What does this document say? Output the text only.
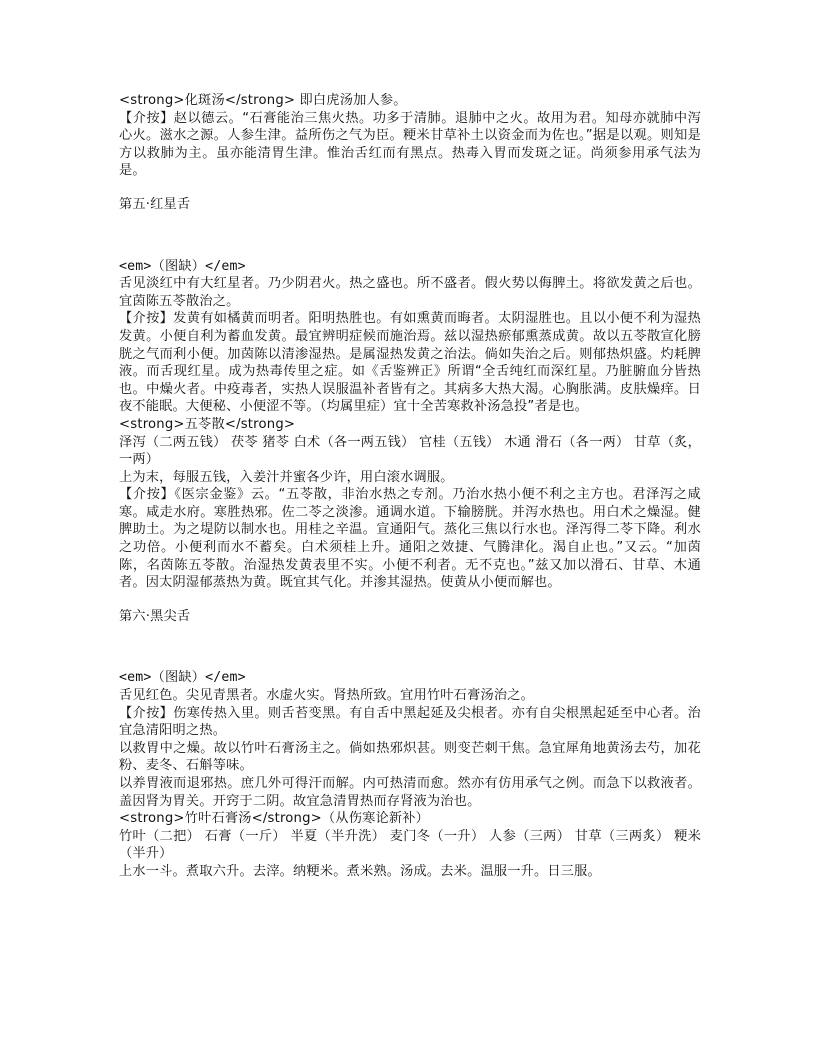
<strong>化斑汤</strong> 即白虎汤加人参。

【介按】赵以德云。“石膏能治三焦火热。功多于清肺。退肺中之火。故用为君。知母亦就肺中泻心火。滋水之源。人参生津。益所伤之气为臣。粳米甘草补土以资金而为佐也。”据是以观。则知是方以救肺为主。虽亦能清胃生津。惟治舌红而有黑点。热毒入胃而发斑之证。尚须参用承气法为是。

第五·红星舌

<em>（图缺）</em>

舌见淡红中有大红星者。乃少阴君火。热之盛也。所不盛者。假火势以侮脾土。将欲发黄之后也。宜茵陈五苓散治之。

【介按】发黄有如橘黄而明者。阳明热胜也。有如熏黄而晦者。太阴湿胜也。且以小便不利为湿热发黄。小便自利为蓄血发黄。最宜辨明症候而施治焉。兹以湿热瘀郁熏蒸成黄。故以五苓散宣化膀胱之气而利小便。加茵陈以清渗湿热。是属湿热发黄之治法。倘如失治之后。则郁热炽盛。灼耗脾液。而舌现红星。成为热毒传里之症。如《舌鉴辨正》所谓“全舌纯红而深红星。乃脏腑血分皆热也。中燥火者。中疫毒者，实热人误服温补者皆有之。其病多大热大渴。心胸胀满。皮肤燥痒。日夜不能眠。大便秘、小便涩不等。（均属里症）宜十全苦寒救补汤急投”者是也。

<strong>五苓散</strong>

泽泻（二两五钱） 茯苓 猪苓 白术（各一两五钱） 官桂（五钱） 木通 滑石（各一两） 甘草（炙，一两）

上为末，每服五钱，入姜汁并蜜各少许，用白滚水调服。

【介按】《医宗金鉴》云。“五苓散，非治水热之专剂。乃治水热小便不利之主方也。君泽泻之咸寒。咸走水府。寒胜热邪。佐二苓之淡渗。通调水道。下输膀胱。并泻水热也。用白术之燥湿。健脾助土。为之堤防以制水也。用桂之辛温。宣通阳气。蒸化三焦以行水也。泽泻得二苓下降。利水之功倍。小便利而水不蓄矣。白术须桂上升。通阳之效捷、气腾津化。渴自止也。”又云。“加茵陈，名茵陈五苓散。治湿热发黄表里不实。小便不利者。无不克也。”兹又加以滑石、甘草、木通者。因太阴湿郁蒸热为黄。既宜其气化。并渗其湿热。使黄从小便而解也。

第六·黑尖舌

<em>（图缺）</em>

舌见红色。尖见青黑者。水虚火实。肾热所致。宜用竹叶石膏汤治之。

【介按】伤寒传热入里。则舌苔变黑。有自舌中黑起延及尖根者。亦有自尖根黑起延至中心者。治宜急清阳明之热。

以救胃中之燥。故以竹叶石膏汤主之。倘如热邪炽甚。则变芒刺干焦。急宜犀角地黄汤去芍，加花粉、麦冬、石斛等味。

以养胃液而退邪热。庶几外可得汗而解。内可热清而愈。然亦有仿用承气之例。而急下以救液者。盖因肾为胃关。开窍于二阴。故宜急清胃热而存肾液为治也。

<strong>竹叶石膏汤</strong>（从伤寒论新补）

竹叶（二把） 石膏（一斤） 半夏（半升洗） 麦门冬（一升） 人参（三两） 甘草（三两炙） 粳米（半升）

上水一斗。煮取六升。去滓。纳粳米。煮米熟。汤成。去米。温服一升。日三服。
